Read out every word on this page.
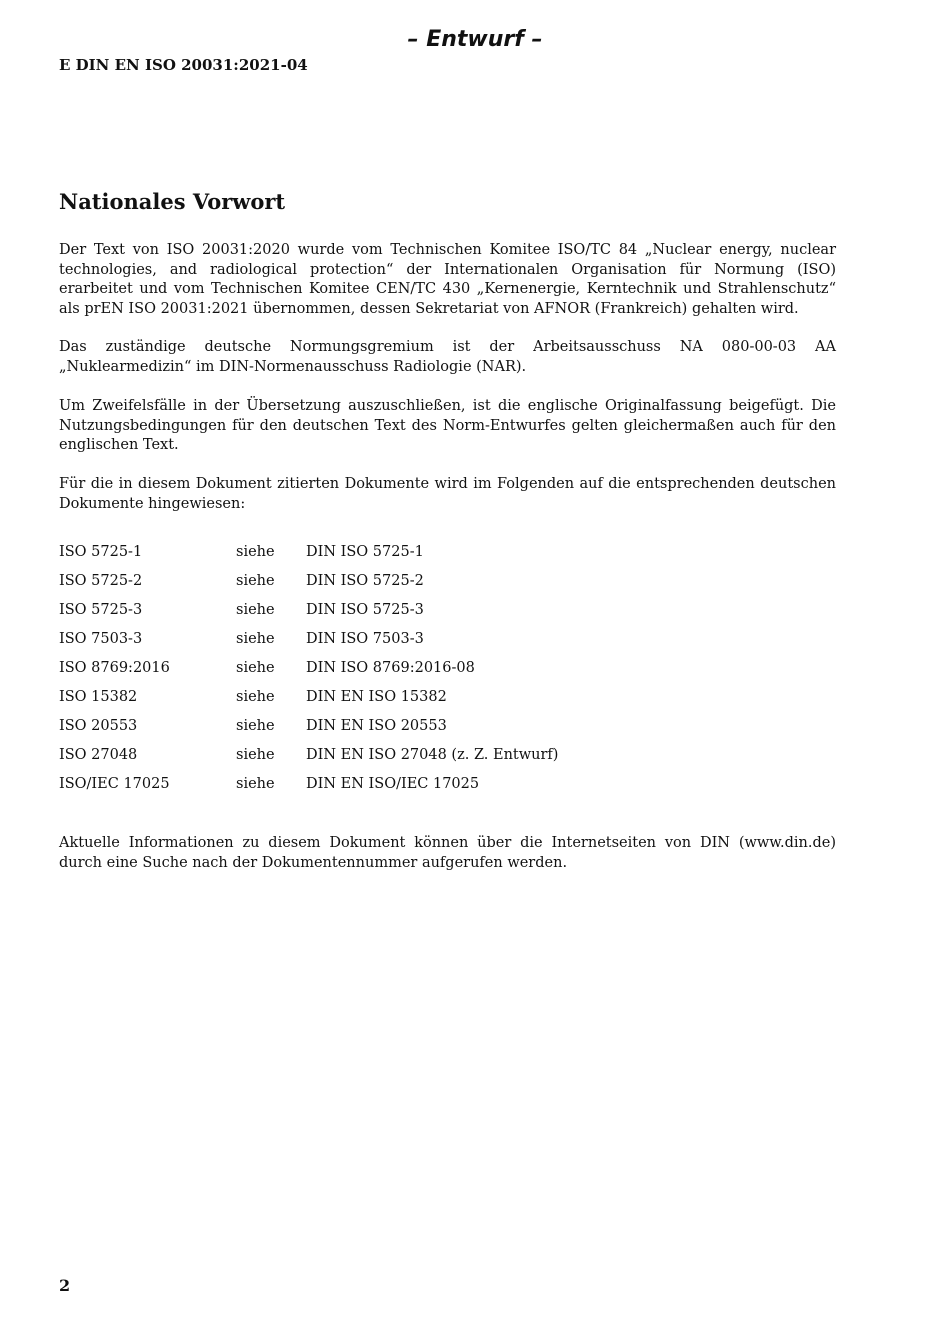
– Entwurf –
E DIN EN ISO 20031:2021-04
Nationales Vorwort

Der Text von ISO 20031:2020 wurde vom Technischen Komitee ISO/TC 84 „Nuclear energy, nuclear technologies, and radiological protection“ der Internationalen Organisation für Normung (ISO) erarbeitet und vom Technischen Komitee CEN/TC 430 „Kernenergie, Kerntechnik und Strahlenschutz“ als prEN ISO 20031:2021 übernommen, dessen Sekretariat von AFNOR (Frankreich) gehalten wird.

Das zuständige deutsche Normungsgremium ist der Arbeitsausschuss NA 080-00-03 AA „Nuklearmedizin“ im DIN-Normenausschuss Radiologie (NAR).

Um Zweifelsfälle in der Übersetzung auszuschließen, ist die englische Originalfassung beigefügt. Die Nutzungsbedingungen für den deutschen Text des Norm-Entwurfes gelten gleichermaßen auch für den englischen Text.

Für die in diesem Dokument zitierten Dokumente wird im Folgenden auf die entsprechenden deutschen Dokumente hingewiesen:

ISO 5725-1	siehe	DIN ISO 5725-1
ISO 5725-2	siehe	DIN ISO 5725-2
ISO 5725-3	siehe	DIN ISO 5725-3
ISO 7503-3	siehe	DIN ISO 7503-3
ISO 8769:2016	siehe	DIN ISO 8769:2016-08
ISO 15382	siehe	DIN EN ISO 15382
ISO 20553	siehe	DIN EN ISO 20553
ISO 27048	siehe	DIN EN ISO 27048 (z. Z. Entwurf)
ISO/IEC 17025	siehe	DIN EN ISO/IEC 17025

Aktuelle Informationen zu diesem Dokument können über die Internetseiten von DIN (www.din.de) durch eine Suche nach der Dokumentennummer aufgerufen werden.

2
